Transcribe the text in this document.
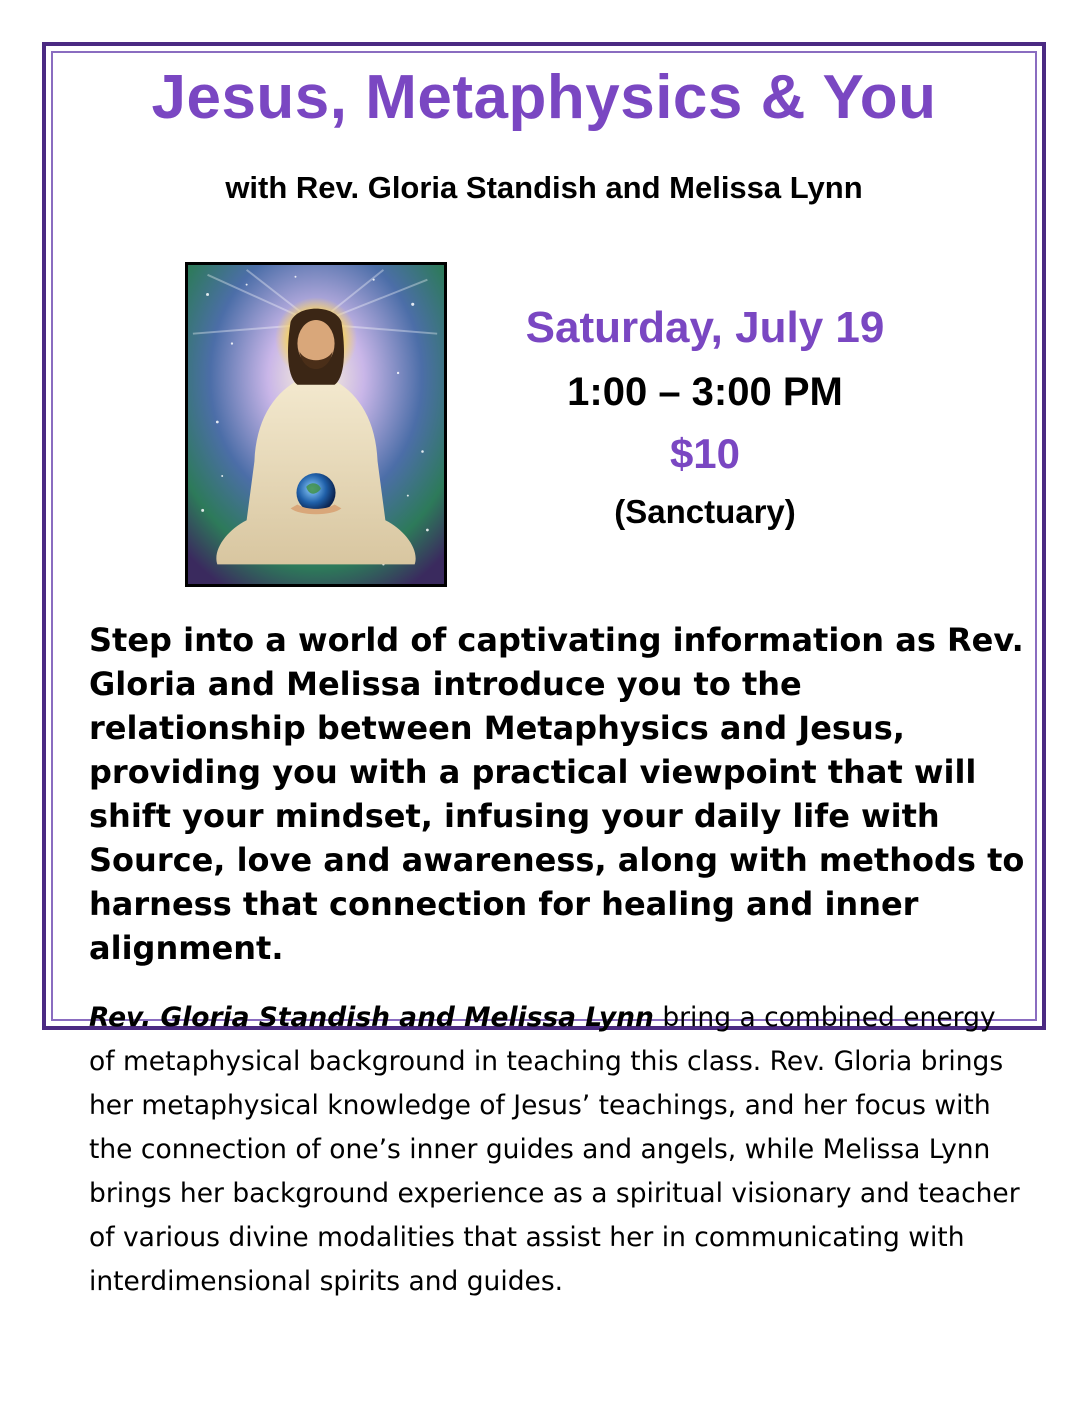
Jesus, Metaphysics & You
with Rev. Gloria Standish and Melissa Lynn
Saturday, July 19
1:00 – 3:00 PM
$10
(Sanctuary)

Step into a world of captivating information as Rev. Gloria and Melissa introduce you to the relationship between Metaphysics and Jesus, providing you with a practical viewpoint that will shift your mindset, infusing your daily life with Source, love and awareness, along with methods to harness that connection for healing and inner alignment.

Rev. Gloria Standish and Melissa Lynn bring a combined energy of metaphysical background in teaching this class. Rev. Gloria brings her metaphysical knowledge of Jesus’ teachings, and her focus with the connection of one’s inner guides and angels, while Melissa Lynn brings her background experience as a spiritual visionary and teacher of various divine modalities that assist her in communicating with interdimensional spirits and guides.
